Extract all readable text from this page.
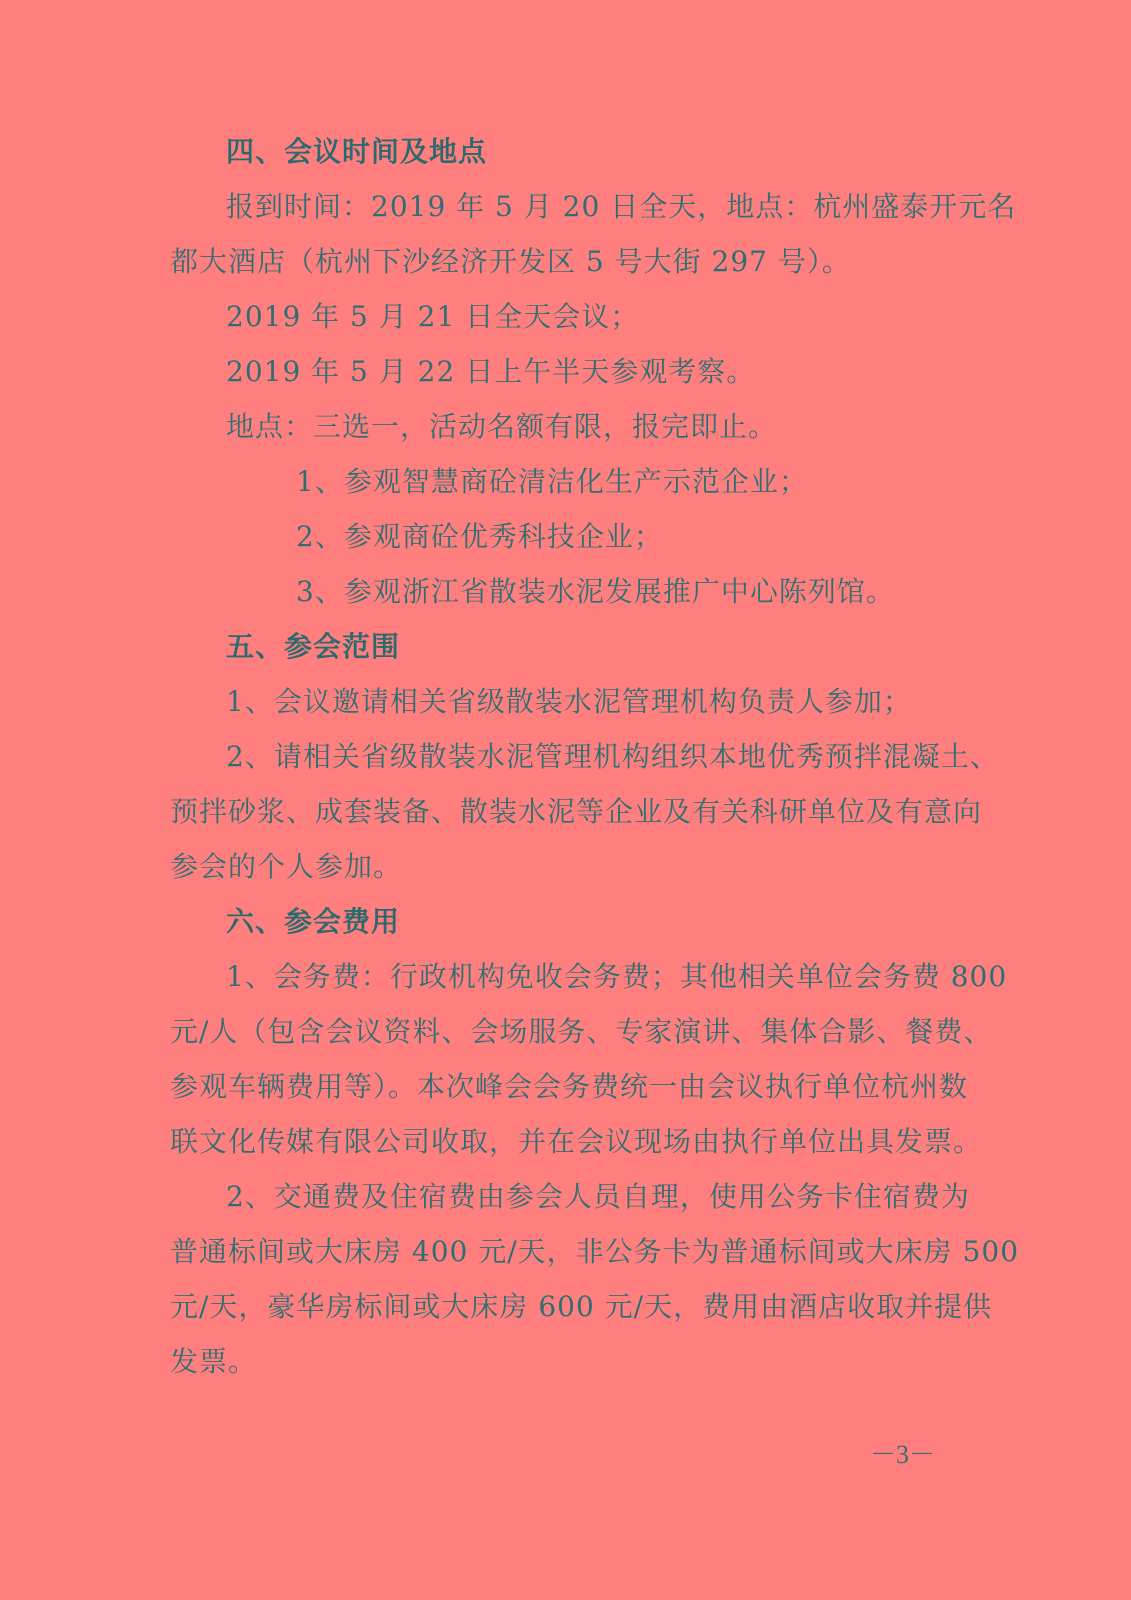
四、会议时间及地点
报到时间：2019 年 5 月 20 日全天，地点：杭州盛泰开元名
都大酒店（杭州下沙经济开发区 5 号大街 297 号）。
2019 年 5 月 21 日全天会议；
2019 年 5 月 22 日上午半天参观考察。
地点：三选一，活动名额有限，报完即止。
1、参观智慧商砼清洁化生产示范企业；
2、参观商砼优秀科技企业；
3、参观浙江省散装水泥发展推广中心陈列馆。
五、参会范围
1、会议邀请相关省级散装水泥管理机构负责人参加；
2、请相关省级散装水泥管理机构组织本地优秀预拌混凝土、
预拌砂浆、成套装备、散装水泥等企业及有关科研单位及有意向
参会的个人参加。
六、参会费用
1、会务费：行政机构免收会务费；其他相关单位会务费 800
元/人（包含会议资料、会场服务、专家演讲、集体合影、餐费、
参观车辆费用等）。本次峰会会务费统一由会议执行单位杭州数
联文化传媒有限公司收取，并在会议现场由执行单位出具发票。
2、交通费及住宿费由参会人员自理，使用公务卡住宿费为
普通标间或大床房 400 元/天，非公务卡为普通标间或大床房 500
元/天，豪华房标间或大床房 600 元/天，费用由酒店收取并提供
发票。
－3－
